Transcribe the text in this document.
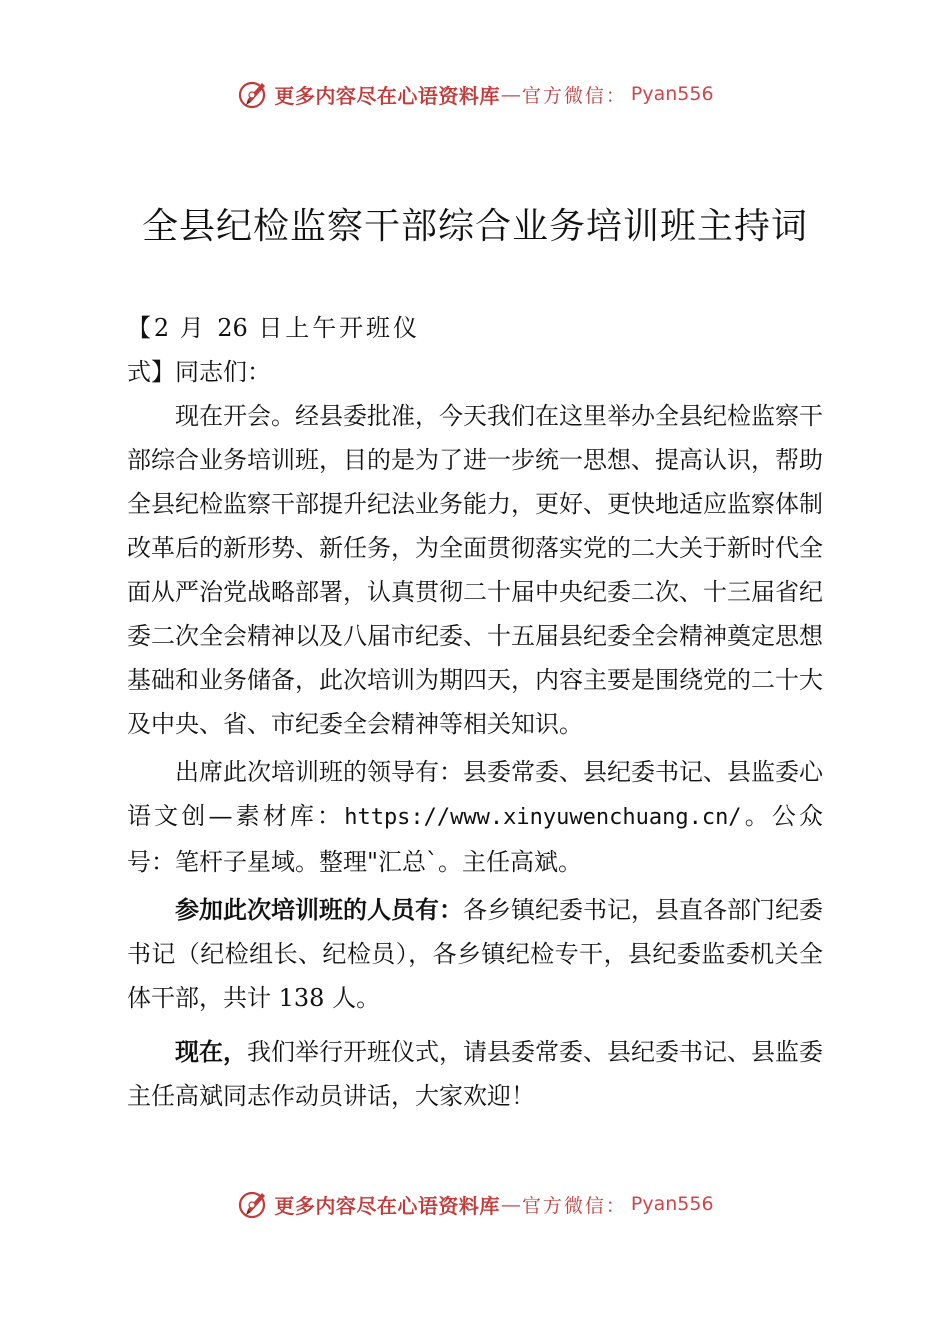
更多内容尽在心语资料库 — 官方微信： Pyan556
全县纪检监察干部综合业务培训班主持词

【2 月 26 日上午开班仪式】同志们：

现在开会。经县委批准，今天我们在这里举办全县纪检监察干部综合业务培训班，目的是为了进一步统一思想、提高认识，帮助全县纪检监察干部提升纪法业务能力，更好、更快地适应监察体制改革后的新形势、新任务，为全面贯彻落实党的二大关于新时代全面从严治党战略部署，认真贯彻二十届中央纪委二次、十三届省纪委二次全会精神以及八届市纪委、十五届县纪委全会精神奠定思想基础和业务储备，此次培训为期四天，内容主要是围绕党的二十大及中央、省、市纪委全会精神等相关知识。

出席此次培训班的领导有：县委常委、县纪委书记、县监委心语文创—素材库：https://www.xinyuwenchuang.cn/。公众号：笔杆子星域。整理"汇总`。主任高斌。

参加此次培训班的人员有：各乡镇纪委书记，县直各部门纪委书记（纪检组长、纪检员），各乡镇纪检专干，县纪委监委机关全体干部，共计 138 人。

现在，我们举行开班仪式，请县委常委、县纪委书记、县监委主任高斌同志作动员讲话，大家欢迎！

更多内容尽在心语资料库 — 官方微信： Pyan556
